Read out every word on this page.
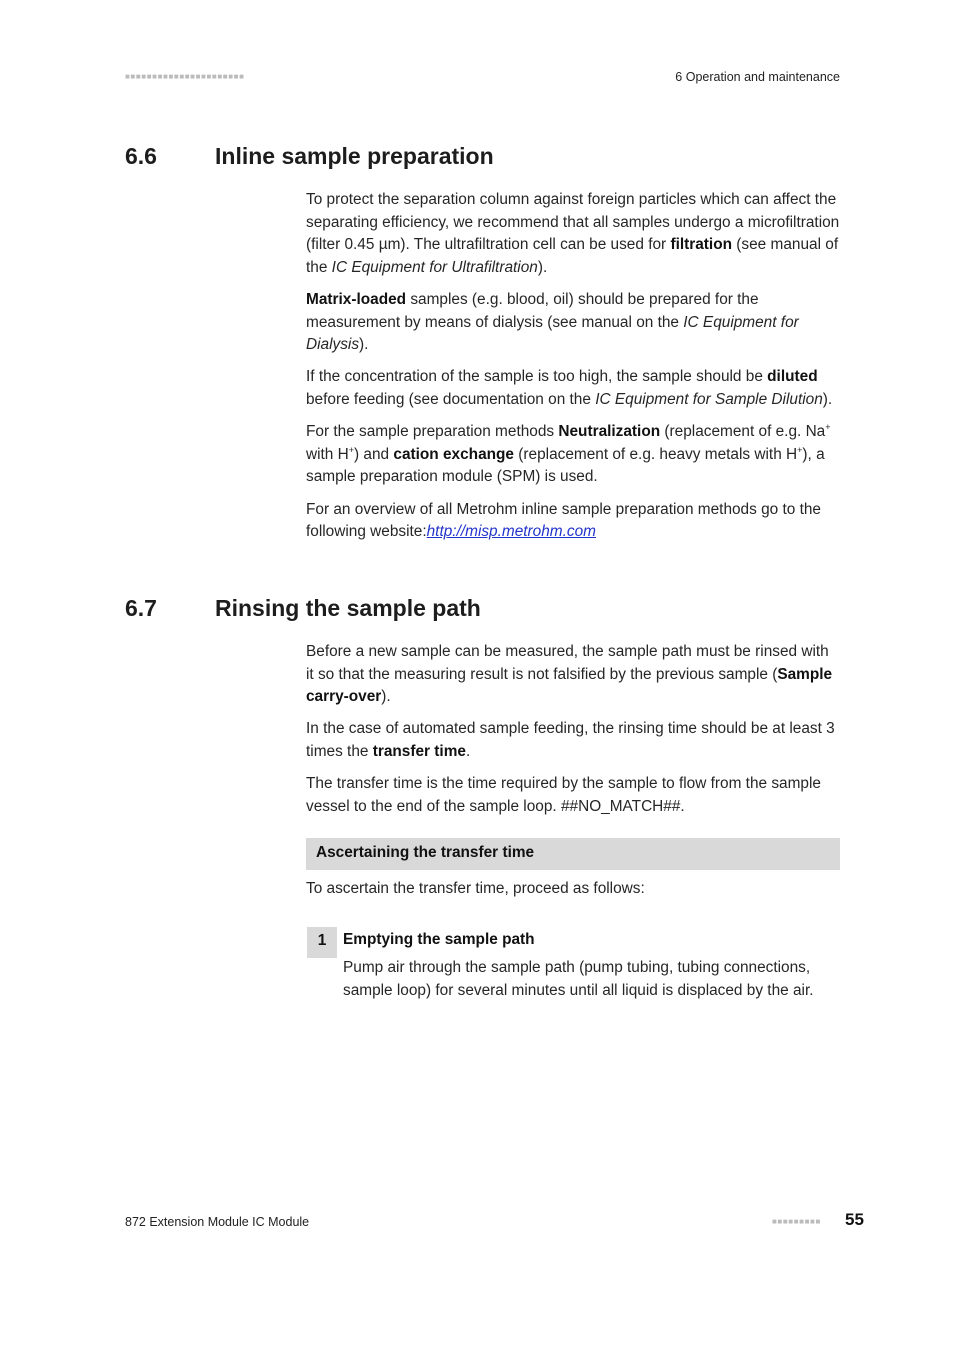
■■■■■■■■■■■■■■■■■■■■■■	6 Operation and maintenance
6.6	Inline sample preparation

To protect the separation column against foreign particles which can affect the separating efficiency, we recommend that all samples undergo a microfiltration (filter 0.45 µm). The ultrafiltration cell can be used for filtration (see manual of the IC Equipment for Ultrafiltration).

Matrix-loaded samples (e.g. blood, oil) should be prepared for the measurement by means of dialysis (see manual on the IC Equipment for Dialysis).

If the concentration of the sample is too high, the sample should be diluted before feeding (see documentation on the IC Equipment for Sample Dilution).

For the sample preparation methods Neutralization (replacement of e.g. Na+ with H+) and cation exchange (replacement of e.g. heavy metals with H+), a sample preparation module (SPM) is used.

For an overview of all Metrohm inline sample preparation methods go to the following website:http://misp.metrohm.com

6.7	Rinsing the sample path

Before a new sample can be measured, the sample path must be rinsed with it so that the measuring result is not falsified by the previous sample (Sample carry-over).

In the case of automated sample feeding, the rinsing time should be at least 3 times the transfer time.

The transfer time is the time required by the sample to flow from the sample vessel to the end of the sample loop. ##NO_MATCH##.

Ascertaining the transfer time
To ascertain the transfer time, proceed as follows:
1	Emptying the sample path
Pump air through the sample path (pump tubing, tubing connections, sample loop) for several minutes until all liquid is displaced by the air.
872 Extension Module IC Module	■■■■■■■■■ 55
